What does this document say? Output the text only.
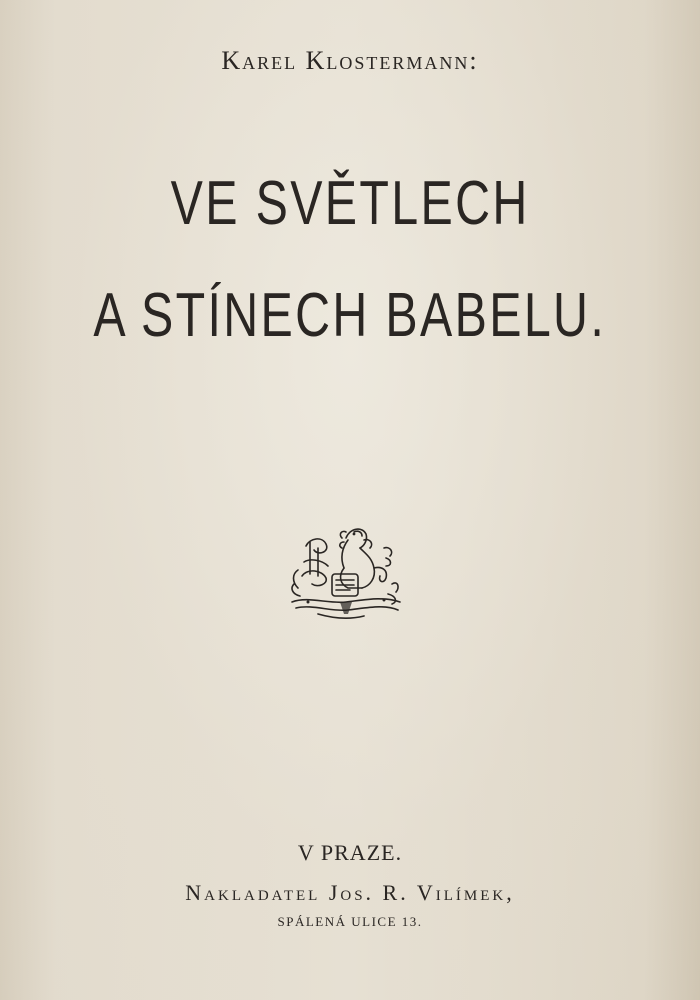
Karel Klostermann:
VE SVĚTLECH
A STÍNECH BABELU.
V PRAZE.
Nakladatel Jos. R. Vilímek,
SPÁLENÁ ULICE 13.
